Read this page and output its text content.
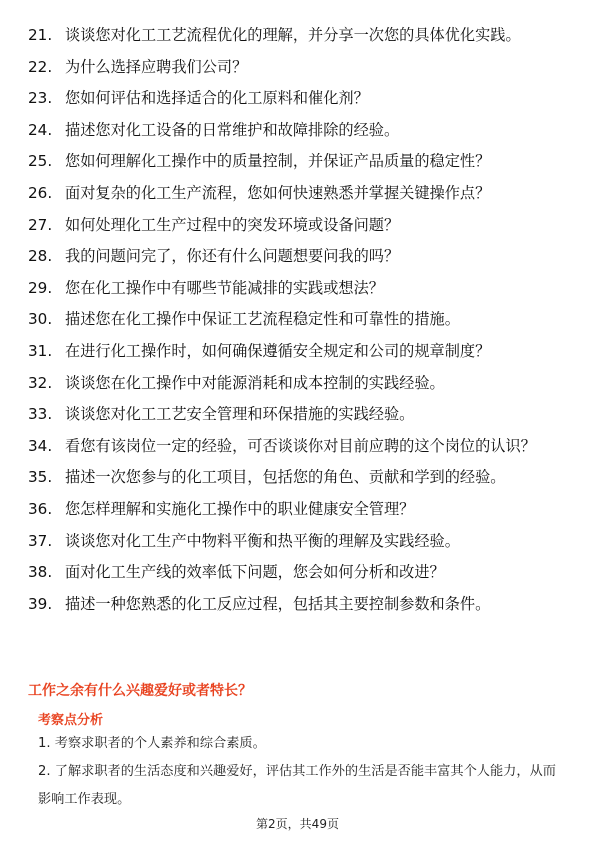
21. 谈谈您对化工工艺流程优化的理解，并分享一次您的具体优化实践。
22. 为什么选择应聘我们公司？
23. 您如何评估和选择适合的化工原料和催化剂？
24. 描述您对化工设备的日常维护和故障排除的经验。
25. 您如何理解化工操作中的质量控制，并保证产品质量的稳定性？
26. 面对复杂的化工生产流程，您如何快速熟悉并掌握关键操作点？
27. 如何处理化工生产过程中的突发环境或设备问题？
28. 我的问题问完了，你还有什么问题想要问我的吗？
29. 您在化工操作中有哪些节能减排的实践或想法？
30. 描述您在化工操作中保证工艺流程稳定性和可靠性的措施。
31. 在进行化工操作时，如何确保遵循安全规定和公司的规章制度？
32. 谈谈您在化工操作中对能源消耗和成本控制的实践经验。
33. 谈谈您对化工工艺安全管理和环保措施的实践经验。
34. 看您有该岗位一定的经验，可否谈谈你对目前应聘的这个岗位的认识？
35. 描述一次您参与的化工项目，包括您的角色、贡献和学到的经验。
36. 您怎样理解和实施化工操作中的职业健康安全管理？
37. 谈谈您对化工生产中物料平衡和热平衡的理解及实践经验。
38. 面对化工生产线的效率低下问题，您会如何分析和改进？
39. 描述一种您熟悉的化工反应过程，包括其主要控制参数和条件。
工作之余有什么兴趣爱好或者特长？
考察点分析
1. 考察求职者的个人素养和综合素质。
2. 了解求职者的生活态度和兴趣爱好，评估其工作外的生活是否能丰富其个人能力，从而影响工作表现。
第2页，共49页
